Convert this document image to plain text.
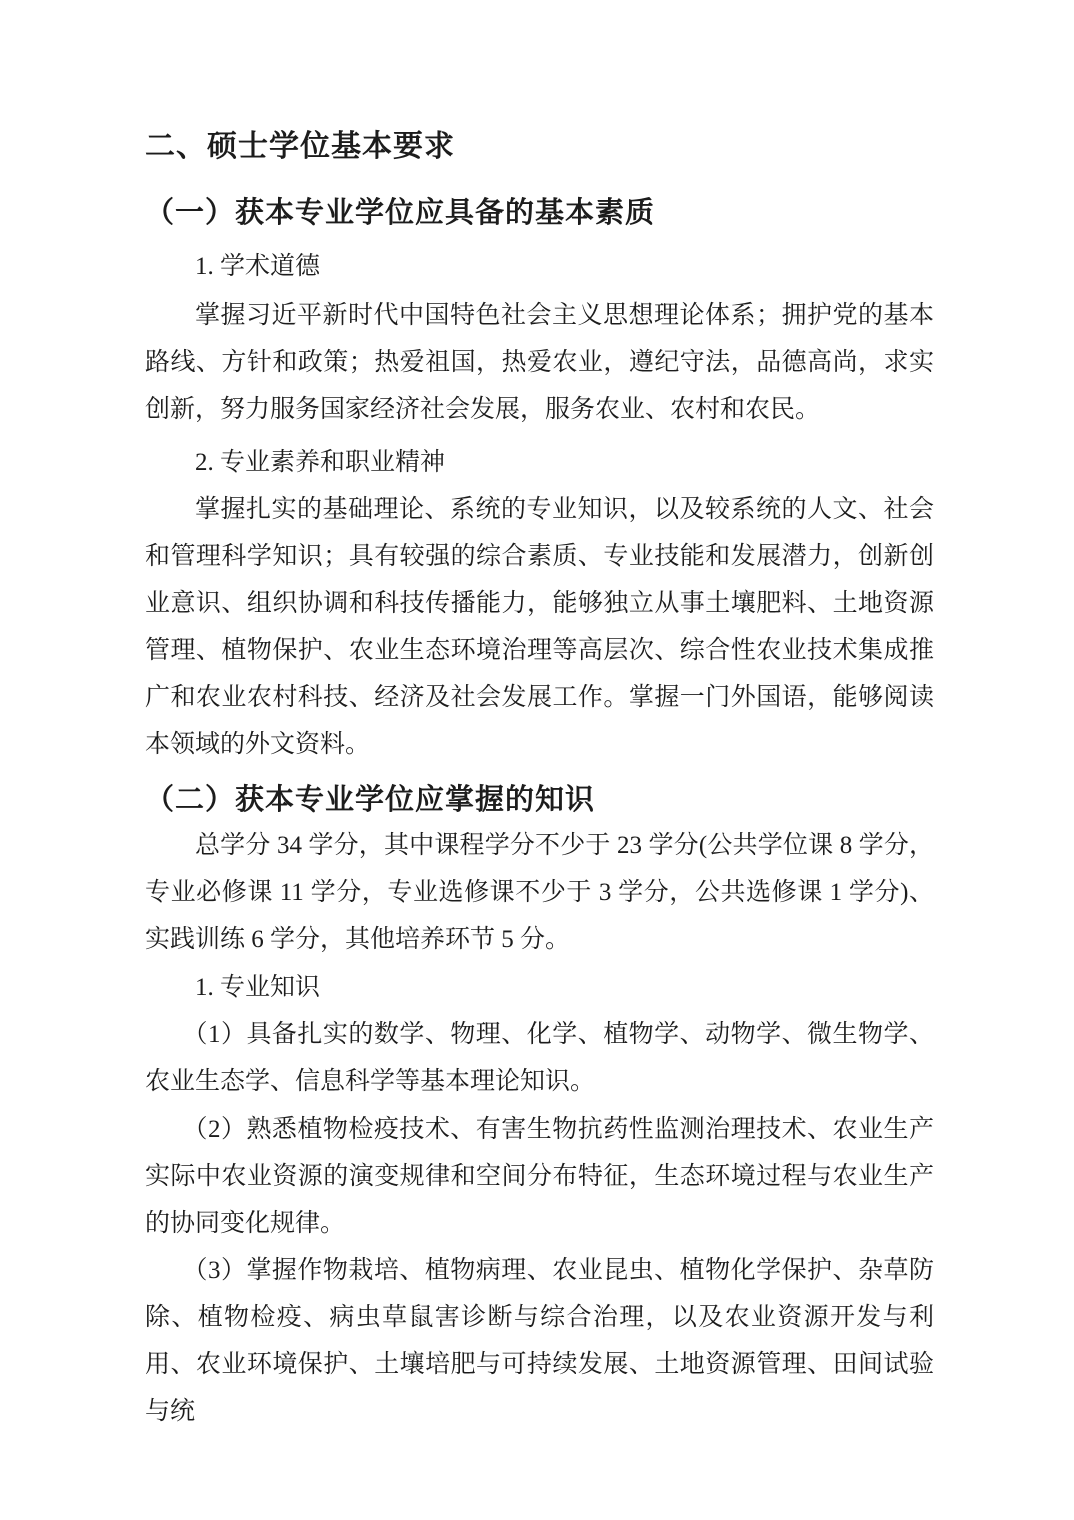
二、硕士学位基本要求
（一）获本专业学位应具备的基本素质

1. 学术道德

掌握习近平新时代中国特色社会主义思想理论体系；拥护党的基本路线、方针和政策；热爱祖国，热爱农业，遵纪守法，品德高尚，求实创新，努力服务国家经济社会发展，服务农业、农村和农民。

2. 专业素养和职业精神

掌握扎实的基础理论、系统的专业知识，以及较系统的人文、社会和管理科学知识；具有较强的综合素质、专业技能和发展潜力，创新创业意识、组织协调和科技传播能力，能够独立从事土壤肥料、土地资源管理、植物保护、农业生态环境治理等高层次、综合性农业技术集成推广和农业农村科技、经济及社会发展工作。掌握一门外国语，能够阅读本领域的外文资料。

（二）获本专业学位应掌握的知识

总学分 34 学分，其中课程学分不少于 23 学分(公共学位课 8 学分，专业必修课 11 学分，专业选修课不少于 3 学分，公共选修课 1 学分)、实践训练 6 学分，其他培养环节 5 分。

1. 专业知识

（1）具备扎实的数学、物理、化学、植物学、动物学、微生物学、农业生态学、信息科学等基本理论知识。

（2）熟悉植物检疫技术、有害生物抗药性监测治理技术、农业生产实际中农业资源的演变规律和空间分布特征，生态环境过程与农业生产的协同变化规律。

（3）掌握作物栽培、植物病理、农业昆虫、植物化学保护、杂草防除、植物检疫、病虫草鼠害诊断与综合治理，以及农业资源开发与利用、农业环境保护、土壤培肥与可持续发展、土地资源管理、田间试验与统
